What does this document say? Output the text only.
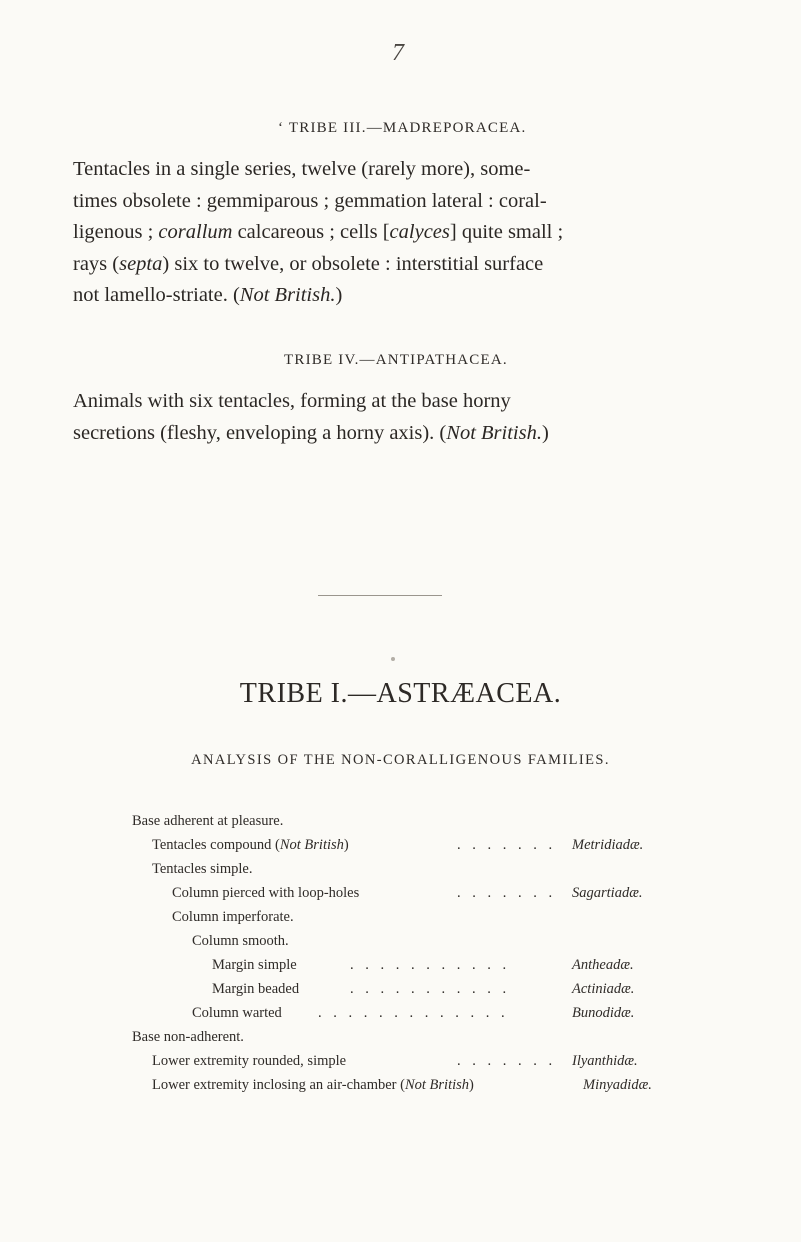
7
‘ TRIBE III.—MADREPORACEA.
Tentacles in a single series, twelve (rarely more), some-
times obsolete : gemmiparous ; gemmation lateral : coral-
ligenous ; corallum calcareous ; cells [calyces] quite small ;
rays (septa) six to twelve, or obsolete : interstitial surface
not lamello-striate. (Not British.)
TRIBE IV.—ANTIPATHACEA.
Animals with six tentacles, forming at the base horny
secretions (fleshy, enveloping a horny axis). (Not British.)
TRIBE I.—ASTRÆACEA.
ANALYSIS OF THE NON-CORALLIGENOUS FAMILIES.
Base adherent at pleasure.
Tentacles compound (Not British)	. . . . . . . Metridiadæ.
Tentacles simple.
Column pierced with loop-holes	. . . . . . . Sagartiadæ.
Column imperforate.
Column smooth.
Margin simple	. . . . . . . . . . .	Antheadæ.
Margin beaded	. . . . . . . . . . .	Actiniadæ.
Column warted . . . . . . . . . . . . .	Bunodidæ.
Base non-adherent.
Lower extremity rounded, simple	. . . . . . . Ilyanthidæ.
Lower extremity inclosing an air-chamber (Not British)	Minyadidæ.
